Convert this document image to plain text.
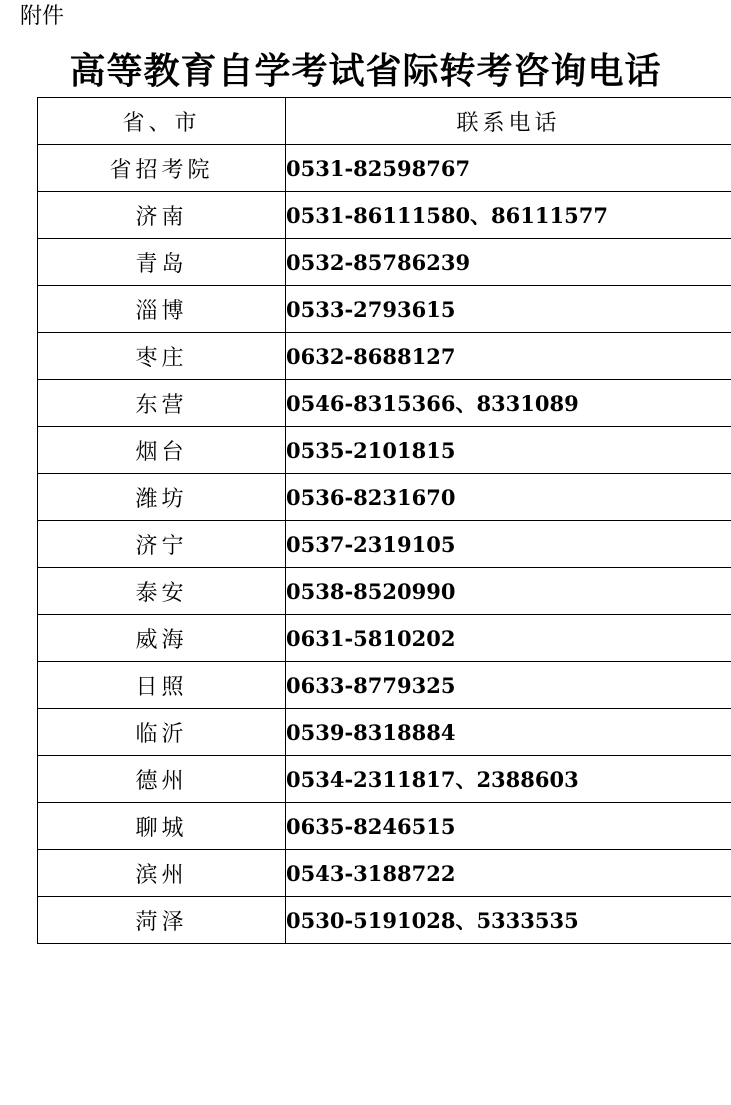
附件
高等教育自学考试省际转考咨询电话
省、市	联系电话
省招考院	0531-82598767
济南	0531-86111580、86111577
青岛	0532-85786239
淄博	0533-2793615
枣庄	0632-8688127
东营	0546-8315366、8331089
烟台	0535-2101815
潍坊	0536-8231670
济宁	0537-2319105
泰安	0538-8520990
威海	0631-5810202
日照	0633-8779325
临沂	0539-8318884
德州	0534-2311817、2388603
聊城	0635-8246515
滨州	0543-3188722
菏泽	0530-5191028、5333535
